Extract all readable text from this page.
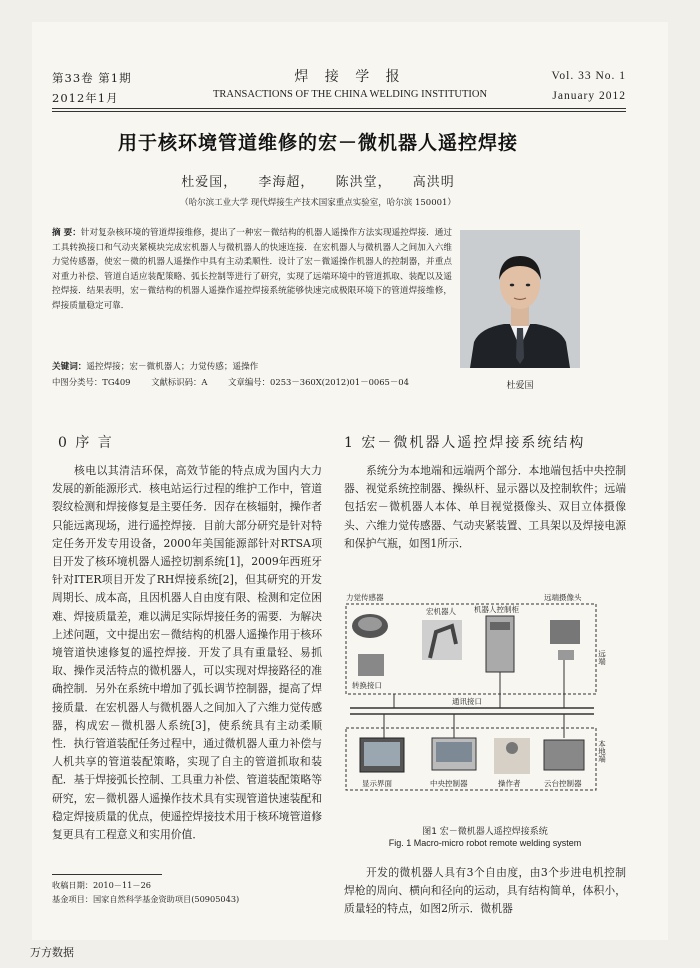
第33卷 第1期
2012年1月
焊 接 学 报
TRANSACTIONS OF THE CHINA WELDING INSTITUTION
Vol. 33 No. 1
January 2012
用于核环境管道维修的宏－微机器人遥控焊接
杜爱国， 李海超， 陈洪堂， 高洪明
（哈尔滨工业大学 现代焊接生产技术国家重点实验室，哈尔滨 150001）
摘 要：针对复杂核环境的管道焊接维修，提出了一种宏－微结构的机器人遥操作方法实现遥控焊接．通过工具转换接口和气动夹紧模块完成宏机器人与微机器人的快速连接．在宏机器人与微机器人之间加入六维力觉传感器，使宏－微的机器人遥操作中具有主动柔顺性．设计了宏－微遥操作机器人的控制器，并重点对重力补偿、管道自适应装配策略、弧长控制等进行了研究，实现了远端环境中的管道抓取、装配以及遥控焊接．结果表明，宏－微结构的机器人遥操作遥控焊接系统能够快速完成极限环境下的管道焊接维修，焊接质量稳定可靠．
关键词：遥控焊接；宏－微机器人；力觉传感；遥操作
中图分类号：TG409 文献标识码：A 文章编号：0253－360X(2012)01－0065－04	杜爱国
0 序 言
核电以其清洁环保，高效节能的特点成为国内大力发展的新能源形式．核电站运行过程的维护工作中，管道裂纹检测和焊接修复是主要任务．因存在核辐射，操作者只能远离现场，进行遥控焊接．目前大部分研究是针对特定任务开发专用设备，2000年美国能源部针对RTSA项目开发了核环境机器人遥控切割系统[1]，2009年西班牙针对ITER项目开发了RH焊接系统[2]，但其研究的开发周期长、成本高，且因机器人自由度有限、检测和定位困难、焊接质量差，难以满足实际焊接任务的需要．为解决上述问题，文中提出宏－微结构的机器人遥操作用于核环境管道快速修复的遥控焊接．开发了具有重量轻、易抓取、操作灵活特点的微机器人，可以实现对焊接路径的准确控制．另外在系统中增加了弧长调节控制器，提高了焊接质量．在宏机器人与微机器人之间加入了六维力觉传感器，构成宏－微机器人系统[3]，使系统具有主动柔顺性．执行管道装配任务过程中，通过微机器人重力补偿与人机共享的管道装配策略，实现了自主的管道抓取和装配．基于焊接弧长控制、工具重力补偿、管道装配策略等研究，宏－微机器人遥操作技术具有实现管道快速装配和稳定焊接质量的优点，使遥控焊接技术用于核环境管道修复更具有工程意义和实用价值．
1 宏－微机器人遥控焊接系统结构
系统分为本地端和远端两个部分．本地端包括中央控制器、视觉系统控制器、操纵杆、显示器以及控制软件；远端包括宏－微机器人本体、单目视觉摄像头、双目立体摄像头、六维力觉传感器、气动夹紧装置、工具架以及焊接电源和保护气瓶，如图1所示．
力觉传感器
宏机器人 机器人控制柜
远端摄像头
转换接口
通讯接口
显示界面	中央控制器	操作者	云台控制器
远端
本地端
图1 宏－微机器人遥控焊接系统
Fig. 1 Macro-micro robot remote welding system
开发的微机器人具有3个自由度，由3个步进电机控制焊枪的周向、横向和径向的运动，具有结构简单，体积小，质量轻的特点，如图2所示．微机器
收稿日期：2010－11－26
基金项目：国家自然科学基金资助项目(50905043)
万方数据
